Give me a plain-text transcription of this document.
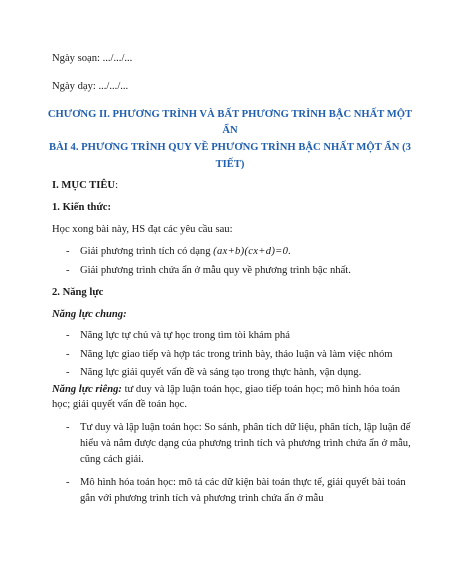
Ngày soạn: .../.../...
Ngày dạy: .../.../...
CHƯƠNG II. PHƯƠNG TRÌNH VÀ BẤT PHƯƠNG TRÌNH BẬC NHẤT MỘT
ẨN
BÀI 4. PHƯƠNG TRÌNH QUY VỀ PHƯƠNG TRÌNH BẬC NHẤT MỘT ẨN (3
TIẾT)
I. MỤC TIÊU:
1. Kiến thức:
Học xong bài này, HS đạt các yêu cầu sau:
- Giải phương trình tích có dạng (ax+b)(cx+d)=0.
- Giải phương trình chứa ẩn ở mẫu quy về phương trình bậc nhất.
2. Năng lực
Năng lực chung:
- Năng lực tự chủ và tự học trong tìm tòi khám phá
- Năng lực giao tiếp và hợp tác trong trình bày, thảo luận và làm việc nhóm
- Năng lực giải quyết vấn đề và sáng tạo trong thực hành, vận dụng.
Năng lực riêng: tư duy và lập luận toán học, giao tiếp toán học; mô hình hóa toán
học; giải quyết vấn đề toán học.
- Tư duy và lập luận toán học: So sánh, phân tích dữ liệu, phân tích, lập luận để
hiểu và nắm được dạng của phương trình tích và phương trình chứa ẩn ở mẫu,
cũng cách giải.
- Mô hình hóa toán học: mô tả các dữ kiện bài toán thực tế, giải quyết bài toán
gắn với phương trình tích và phương trình chứa ẩn ở mẫu
